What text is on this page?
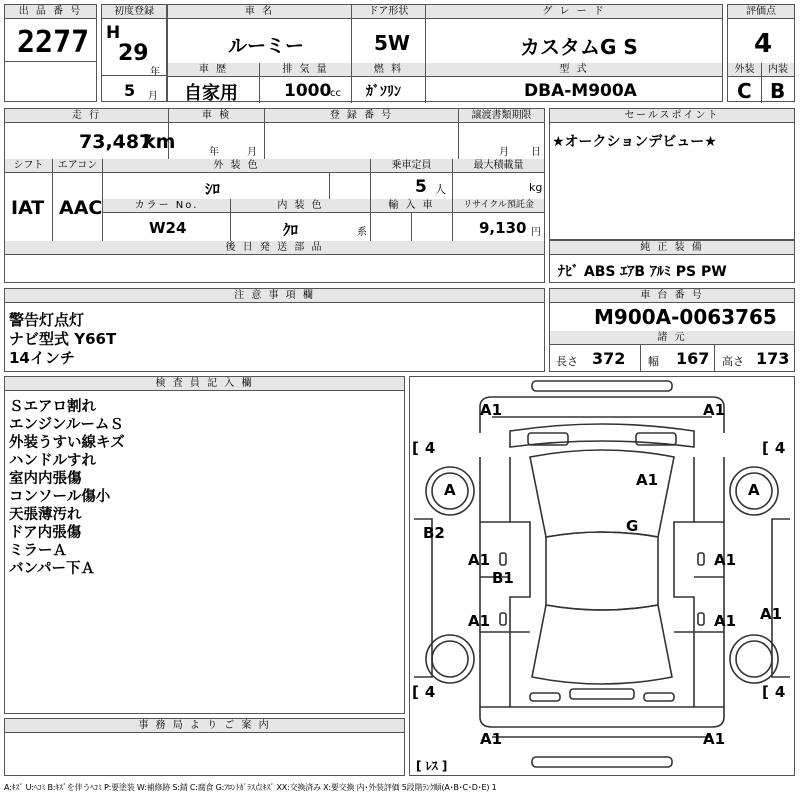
出 品 番 号
2277
初度登録
H
29
年
5 月
車 名
ルーミー
ドア形状
5W
グ レ ー ド
カスタムG S
車 歴
自家用
排 気 量
1000
cc
燃 料
ｶﾞｿﾘﾝ
型 式
DBA-M900A
評価点
4
外装
C
内装
B
走 行
73,487
km
車 検
年	月
登 録 番 号	譲渡書類期限
月 日
シフト
IAT
エアコン
AAC
外 装 色
ｼﾛ
乗車定員
5 人
最大積載量
kg
カラー No.
W24
内 装 色
ｸﾛ	系
輸 入 車	リサイクル預託金
9,130 円
後 日 発 送 部 品
セールスポイント
★オークションデビュー★
純 正 装 備
ﾅﾋﾞ ABS ｴｱB ｱﾙﾐ PS PW
注 意 事 項 欄
警告灯点灯
ナビ型式 Y66T
14インチ
車 台 番 号
M900A-0063765
諸 元
長さ 372 幅 167 高さ 173
検 査 員 記 入 欄
Ｓエアロ割れ
エンジンルームＳ
外装うすい線キズ
ハンドルすれ
室内内張傷
コンソール傷小
天張薄汚れ
ドア内張傷
ミラーＡ
バンパー下Ａ
事 務 局 よ り ご 案 内
A1	A1
[ 4	[ 4
A	A
A1
G
B2
A1
B1
A1
A1
A1
A1
[ 4	[ 4
A1	A1
[ ﾚｽ ]
A:ｷｽﾞ U:ﾍｺﾐ B:ｷｽﾞを伴うﾍｺﾐ P:要塗装 W:補修跡 S:錆 C:腐食 G:ﾌﾛﾝﾄｶﾞﾗｽ点ｷｽﾞ XX:交換済み X:要交換 内･外装評価 5段階ﾗﾝｸ順(A･B･C･D･E) 1
